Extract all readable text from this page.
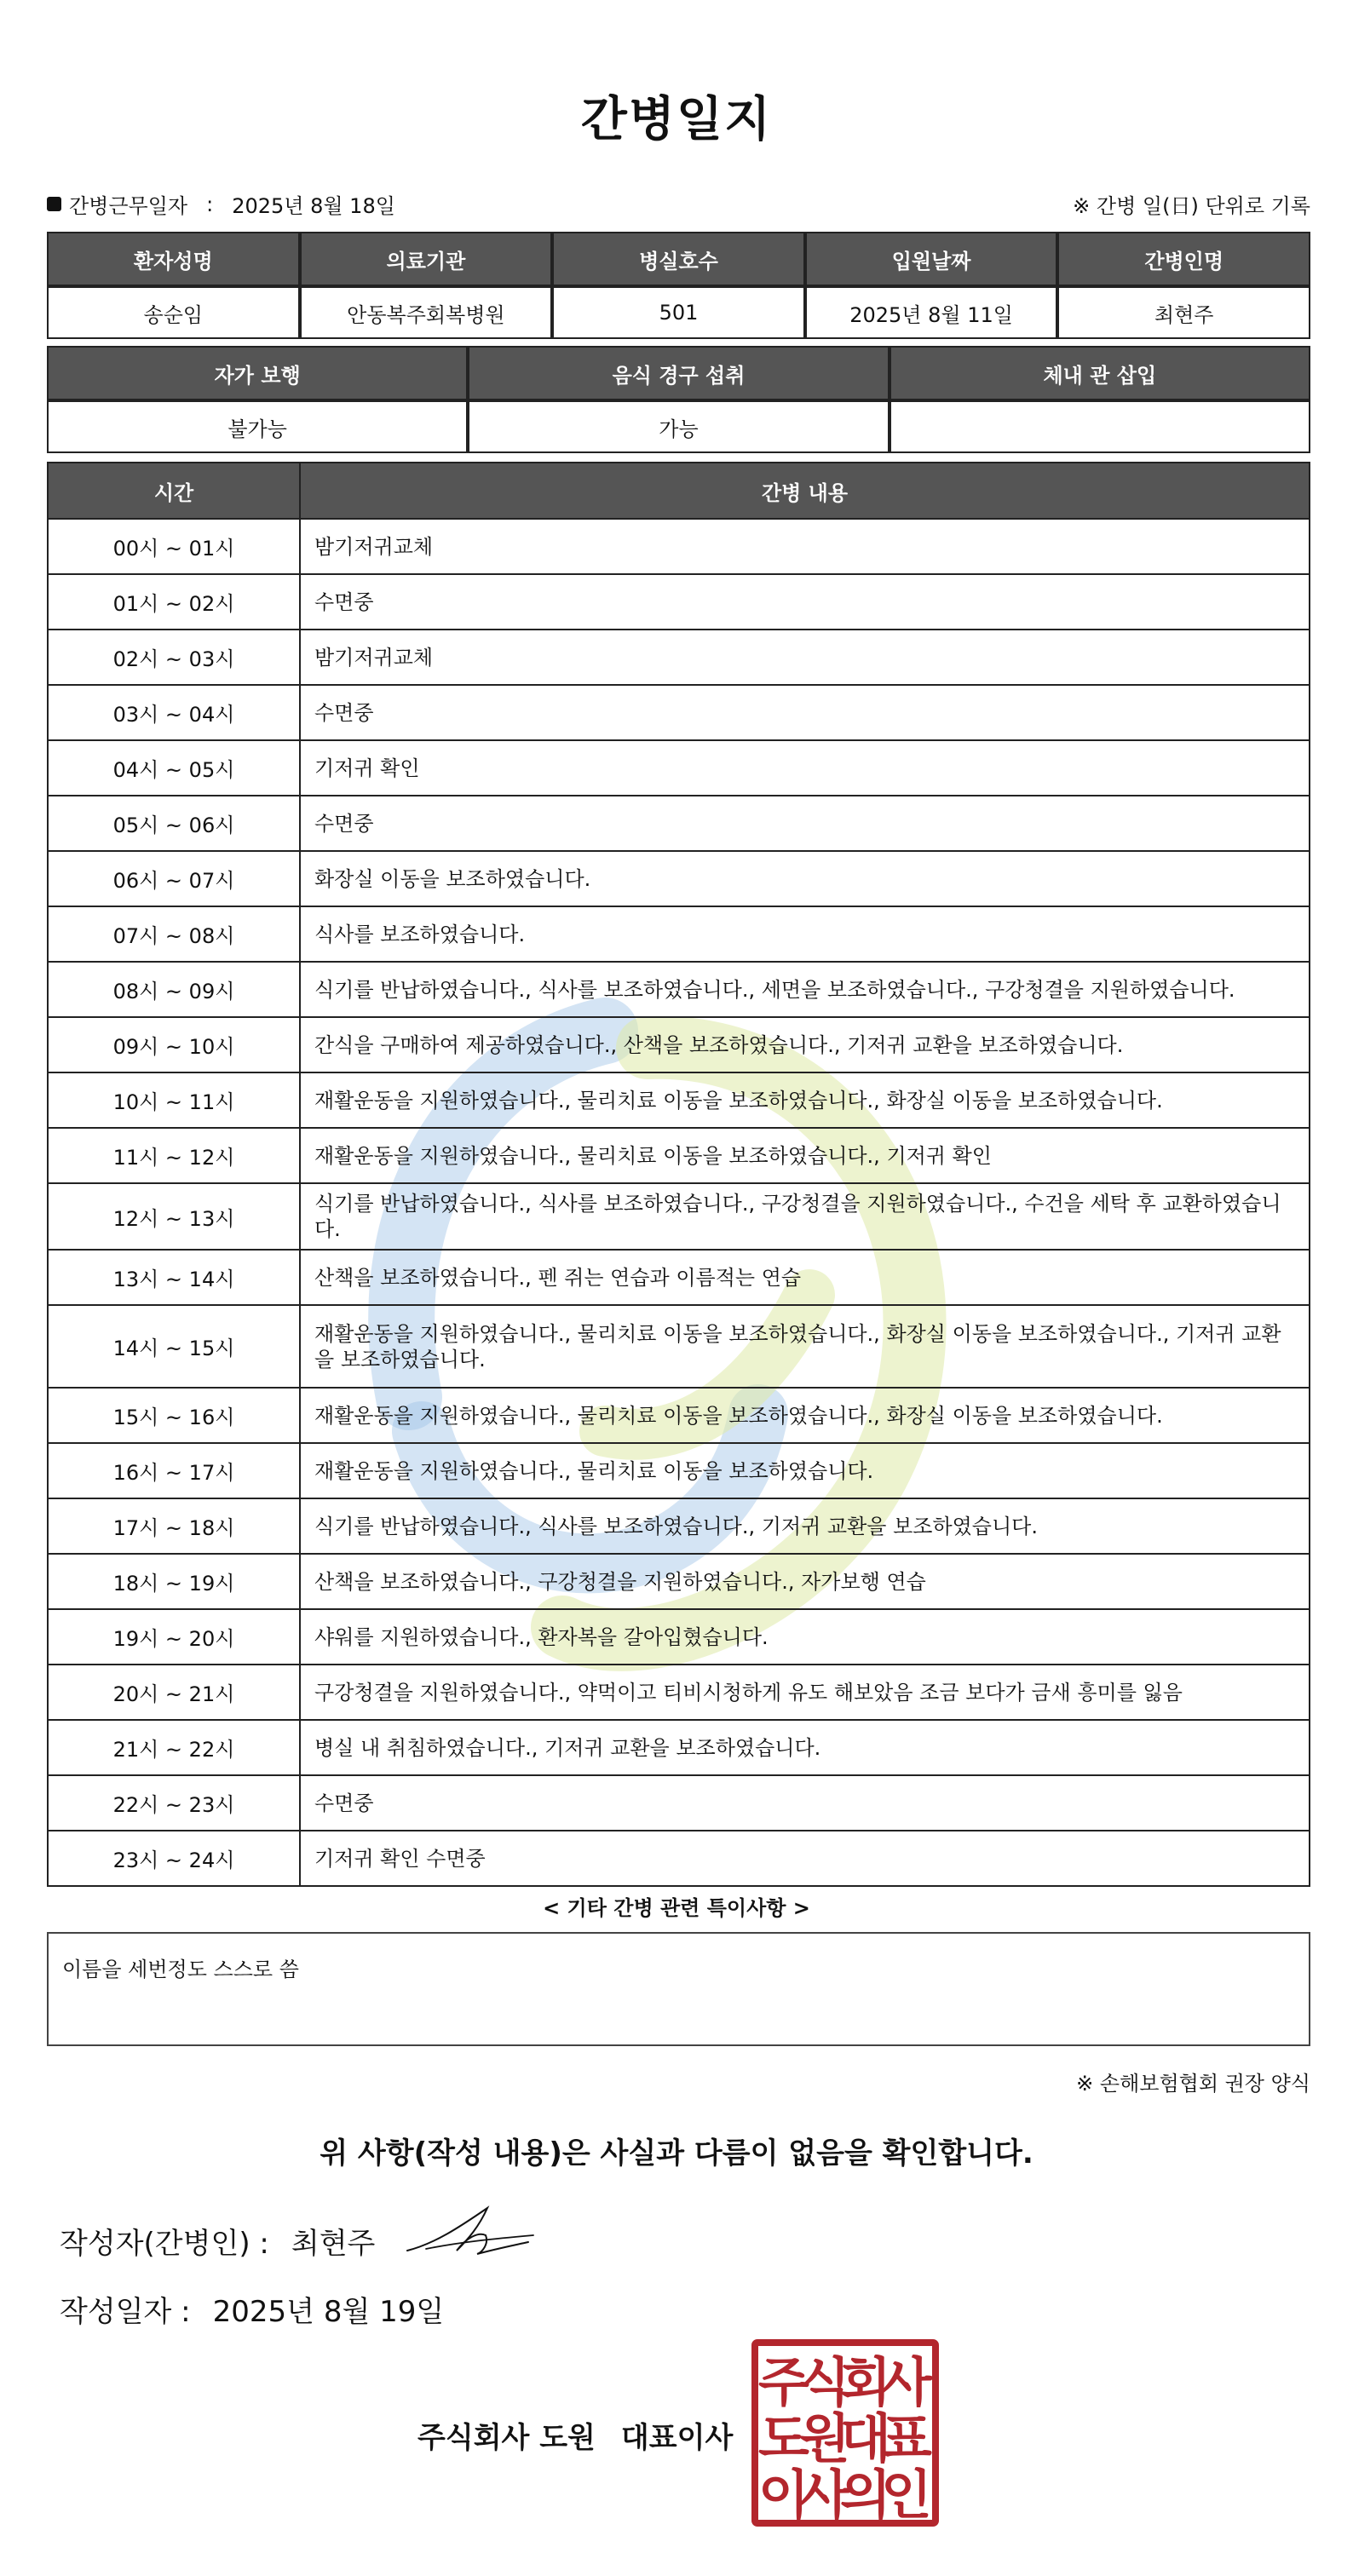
간병일지
간병근무일자 : 2025년 8월 18일	※ 간병 일(日) 단위로 기록
환자성명	의료기관	병실호수	입원날짜	간병인명
송순임	안동복주회복병원	501	2025년 8월 11일	최현주
자가 보행	음식 경구 섭취	체내 관 삽입
불가능	가능	
시간	간병 내용
00시 ~ 01시	밤기저귀교체
01시 ~ 02시	수면중
02시 ~ 03시	밤기저귀교체
03시 ~ 04시	수면중
04시 ~ 05시	기저귀 확인
05시 ~ 06시	수면중
06시 ~ 07시	화장실 이동을 보조하였습니다.
07시 ~ 08시	식사를 보조하였습니다.
08시 ~ 09시	식기를 반납하였습니다., 식사를 보조하였습니다., 세면을 보조하였습니다., 구강청결을 지원하였습니다.
09시 ~ 10시	간식을 구매하여 제공하였습니다., 산책을 보조하였습니다., 기저귀 교환을 보조하였습니다.
10시 ~ 11시	재활운동을 지원하였습니다., 물리치료 이동을 보조하였습니다., 화장실 이동을 보조하였습니다.
11시 ~ 12시	재활운동을 지원하였습니다., 물리치료 이동을 보조하였습니다., 기저귀 확인
12시 ~ 13시	식기를 반납하였습니다., 식사를 보조하였습니다., 구강청결을 지원하였습니다., 수건을 세탁 후 교환하였습니다.
13시 ~ 14시	산책을 보조하였습니다., 펜 쥐는 연습과 이름적는 연습
14시 ~ 15시	재활운동을 지원하였습니다., 물리치료 이동을 보조하였습니다., 화장실 이동을 보조하였습니다., 기저귀 교환을 보조하였습니다.
15시 ~ 16시	재활운동을 지원하였습니다., 물리치료 이동을 보조하였습니다., 화장실 이동을 보조하였습니다.
16시 ~ 17시	재활운동을 지원하였습니다., 물리치료 이동을 보조하였습니다.
17시 ~ 18시	식기를 반납하였습니다., 식사를 보조하였습니다., 기저귀 교환을 보조하였습니다.
18시 ~ 19시	산책을 보조하였습니다., 구강청결을 지원하였습니다., 자가보행 연습
19시 ~ 20시	샤워를 지원하였습니다., 환자복을 갈아입혔습니다.
20시 ~ 21시	구강청결을 지원하였습니다., 약먹이고 티비시청하게 유도 해보았음 조금 보다가 금새 흥미를 잃음
21시 ~ 22시	병실 내 취침하였습니다., 기저귀 교환을 보조하였습니다.
22시 ~ 23시	수면중
23시 ~ 24시	기저귀 확인 수면중
< 기타 간병 관련 특이사항 >
이름을 세번정도 스스로 씀
※ 손해보험협회 권장 양식
위 사항(작성 내용)은 사실과 다름이 없음을 확인합니다.
작성자(간병인) : 최현주
작성일자 : 2025년 8월 19일
주식회사 도원 대표이사
주
식
회
사
도
원
대
표
이
사
의
인
